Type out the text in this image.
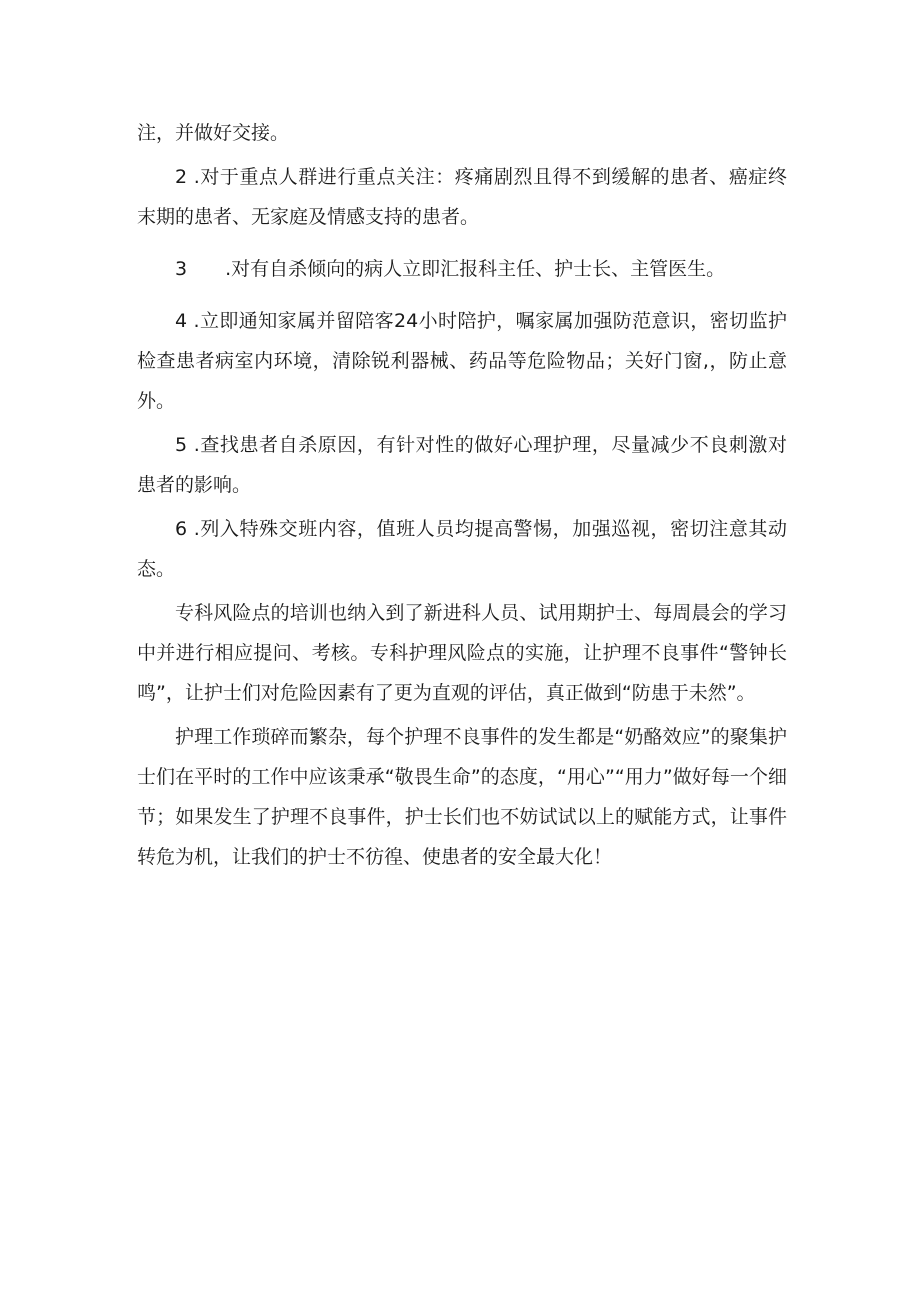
注，并做好交接。

2 .对于重点人群进行重点关注：疼痛剧烈且得不到缓解的患者、癌症终末期的患者、无家庭及情感支持的患者。

3　　.对有自杀倾向的病人立即汇报科主任、护士长、主管医生。

4 .立即通知家属并留陪客24小时陪护，嘱家属加强防范意识，密切监护检查患者病室内环境，清除锐利器械、药品等危险物品；关好门窗,，防止意外。

5 .查找患者自杀原因，有针对性的做好心理护理，尽量减少不良刺激对患者的影响。

6 .列入特殊交班内容，值班人员均提高警惕，加强巡视，密切注意其动态。

专科风险点的培训也纳入到了新进科人员、试用期护士、每周晨会的学习中并进行相应提问、考核。专科护理风险点的实施，让护理不良事件“警钟长鸣”，让护士们对危险因素有了更为直观的评估，真正做到“防患于未然”。

护理工作琐碎而繁杂，每个护理不良事件的发生都是“奶酪效应”的聚集护士们在平时的工作中应该秉承“敬畏生命”的态度，“用心”“用力”做好每一个细节；如果发生了护理不良事件，护士长们也不妨试试以上的赋能方式，让事件转危为机，让我们的护士不彷徨、使患者的安全最大化！
